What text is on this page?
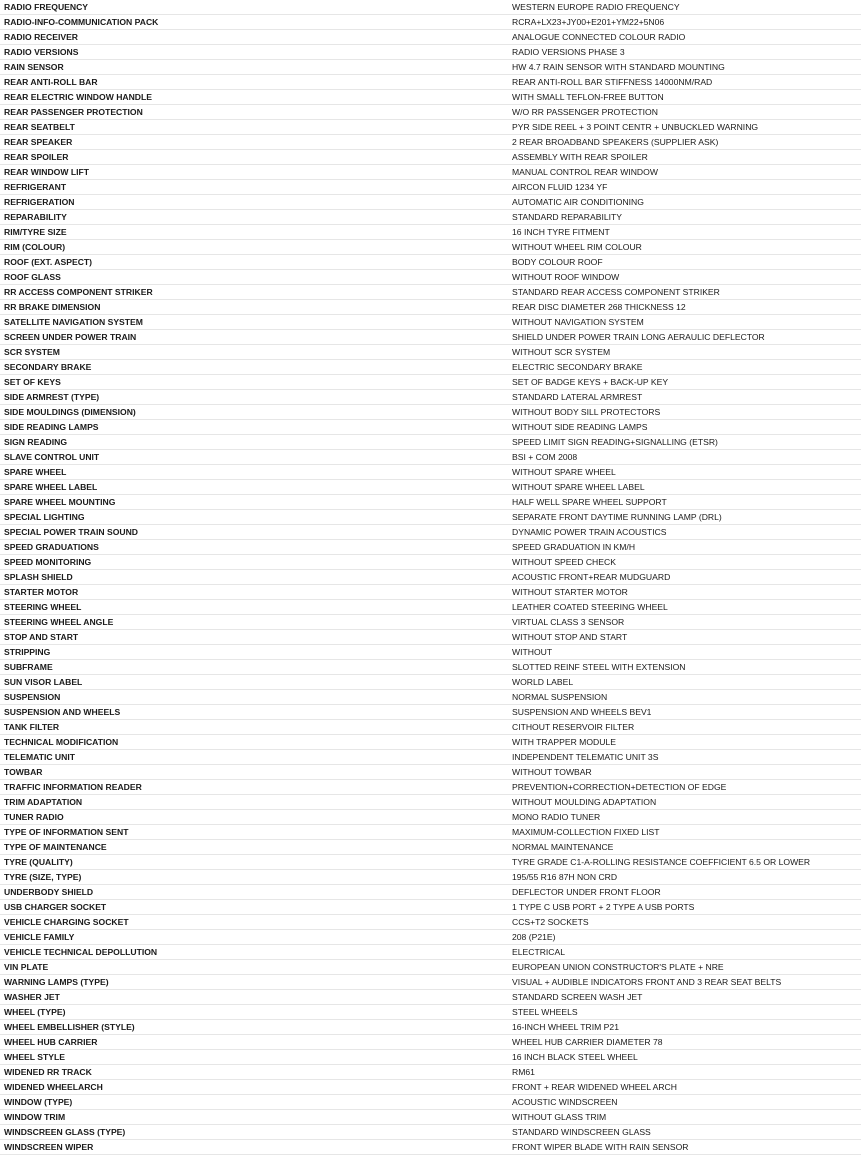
RADIO FREQUENCY	WESTERN EUROPE RADIO FREQUENCY
RADIO-INFO-COMMUNICATION PACK	RCRA+LX23+JY00+E201+YM22+5N06
RADIO RECEIVER	ANALOGUE CONNECTED COLOUR RADIO
RADIO VERSIONS	RADIO VERSIONS PHASE 3
RAIN SENSOR	HW 4.7 RAIN SENSOR WITH STANDARD MOUNTING
REAR ANTI-ROLL BAR	REAR ANTI-ROLL BAR STIFFNESS 14000NM/RAD
REAR ELECTRIC WINDOW HANDLE	WITH SMALL TEFLON-FREE BUTTON
REAR PASSENGER PROTECTION	W/O RR PASSENGER PROTECTION
REAR SEATBELT	PYR SIDE REEL + 3 POINT CENTR + UNBUCKLED WARNING
REAR SPEAKER	2 REAR BROADBAND SPEAKERS (SUPPLIER ASK)
REAR SPOILER	ASSEMBLY WITH REAR SPOILER
REAR WINDOW LIFT	MANUAL CONTROL REAR WINDOW
REFRIGERANT	AIRCON FLUID 1234 YF
REFRIGERATION	AUTOMATIC AIR CONDITIONING
REPARABILITY	STANDARD REPARABILITY
RIM/TYRE SIZE	16 INCH TYRE FITMENT
RIM (COLOUR)	WITHOUT WHEEL RIM COLOUR
ROOF (EXT. ASPECT)	BODY COLOUR ROOF
ROOF GLASS	WITHOUT ROOF WINDOW
RR ACCESS COMPONENT STRIKER	STANDARD REAR ACCESS COMPONENT STRIKER
RR BRAKE DIMENSION	REAR DISC DIAMETER 268 THICKNESS 12
SATELLITE NAVIGATION SYSTEM	WITHOUT NAVIGATION SYSTEM
SCREEN UNDER POWER TRAIN	SHIELD UNDER POWER TRAIN LONG AERAULIC DEFLECTOR
SCR SYSTEM	WITHOUT SCR SYSTEM
SECONDARY BRAKE	ELECTRIC SECONDARY BRAKE
SET OF KEYS	SET OF BADGE KEYS + BACK-UP KEY
SIDE ARMREST (TYPE)	STANDARD LATERAL ARMREST
SIDE MOULDINGS (DIMENSION)	WITHOUT BODY SILL PROTECTORS
SIDE READING LAMPS	WITHOUT SIDE READING LAMPS
SIGN READING	SPEED LIMIT SIGN READING+SIGNALLING (ETSR)
SLAVE CONTROL UNIT	BSI + COM 2008
SPARE WHEEL	WITHOUT SPARE WHEEL
SPARE WHEEL LABEL	WITHOUT SPARE WHEEL LABEL
SPARE WHEEL MOUNTING	HALF WELL SPARE WHEEL SUPPORT
SPECIAL LIGHTING	SEPARATE FRONT DAYTIME RUNNING LAMP (DRL)
SPECIAL POWER TRAIN SOUND	DYNAMIC POWER TRAIN ACOUSTICS
SPEED GRADUATIONS	SPEED GRADUATION IN KM/H
SPEED MONITORING	WITHOUT SPEED CHECK
SPLASH SHIELD	ACOUSTIC FRONT+REAR MUDGUARD
STARTER MOTOR	WITHOUT STARTER MOTOR
STEERING WHEEL	LEATHER COATED STEERING WHEEL
STEERING WHEEL ANGLE	VIRTUAL CLASS 3 SENSOR
STOP AND START	WITHOUT STOP AND START
STRIPPING	WITHOUT
SUBFRAME	SLOTTED REINF STEEL WITH EXTENSION
SUN VISOR LABEL	WORLD LABEL
SUSPENSION	NORMAL SUSPENSION
SUSPENSION AND WHEELS	SUSPENSION AND WHEELS BEV1
TANK FILTER	CITHOUT RESERVOIR FILTER
TECHNICAL MODIFICATION	WITH TRAPPER MODULE
TELEMATIC UNIT	INDEPENDENT TELEMATIC UNIT 3S
TOWBAR	WITHOUT TOWBAR
TRAFFIC INFORMATION READER	PREVENTION+CORRECTION+DETECTION OF EDGE
TRIM ADAPTATION	WITHOUT MOULDING ADAPTATION
TUNER RADIO	MONO RADIO TUNER
TYPE OF INFORMATION SENT	MAXIMUM-COLLECTION FIXED LIST
TYPE OF MAINTENANCE	NORMAL MAINTENANCE
TYRE (QUALITY)	TYRE GRADE C1-A-ROLLING RESISTANCE COEFFICIENT 6.5 OR LOWER
TYRE (SIZE, TYPE)	195/55 R16 87H NON CRD
UNDERBODY SHIELD	DEFLECTOR UNDER FRONT FLOOR
USB CHARGER SOCKET	1 TYPE C USB PORT + 2 TYPE A USB PORTS
VEHICLE CHARGING SOCKET	CCS+T2 SOCKETS
VEHICLE FAMILY	208 (P21E)
VEHICLE TECHNICAL DEPOLLUTION	ELECTRICAL
VIN PLATE	EUROPEAN UNION CONSTRUCTOR'S PLATE + NRE
WARNING LAMPS (TYPE)	VISUAL + AUDIBLE INDICATORS FRONT AND 3 REAR SEAT BELTS
WASHER JET	STANDARD SCREEN WASH JET
WHEEL (TYPE)	STEEL WHEELS
WHEEL EMBELLISHER (STYLE)	16-INCH WHEEL TRIM P21
WHEEL HUB CARRIER	WHEEL HUB CARRIER DIAMETER 78
WHEEL STYLE	16 INCH BLACK STEEL WHEEL
WIDENED RR TRACK	RM61
WIDENED WHEELARCH	FRONT + REAR WIDENED WHEEL ARCH
WINDOW (TYPE)	ACOUSTIC WINDSCREEN
WINDOW TRIM	WITHOUT GLASS TRIM
WINDSCREEN GLASS (TYPE)	STANDARD WINDSCREEN GLASS
WINDSCREEN WIPER	FRONT WIPER BLADE WITH RAIN SENSOR
